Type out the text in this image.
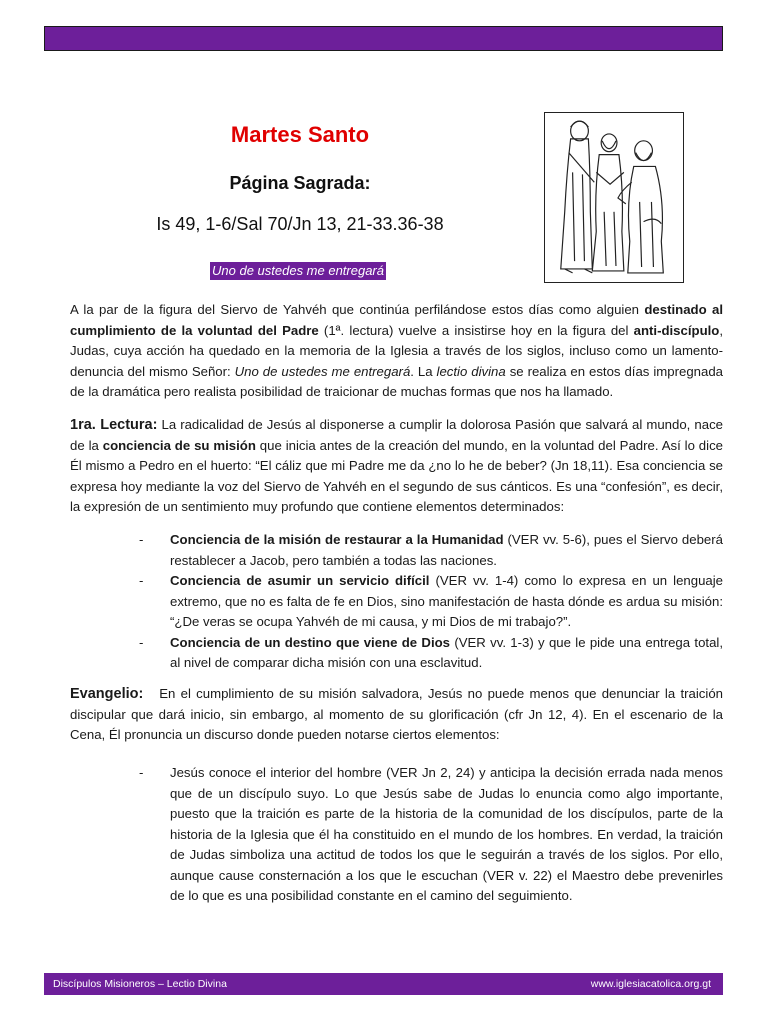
Martes Santo
Página Sagrada:
Is 49, 1-6/Sal 70/Jn 13, 21-33.36-38
Uno de ustedes me entregará
A la par de la figura del Siervo de Yahvéh que continúa perfilándose estos días como alguien destinado al cumplimiento de la voluntad del Padre (1ª. lectura) vuelve a insistirse hoy en la figura del anti-discípulo, Judas, cuya acción ha quedado en la memoria de la Iglesia a través de los siglos, incluso como un lamento-denuncia del mismo Señor: Uno de ustedes me entregará. La lectio divina se realiza en estos días impregnada de la dramática pero realista posibilidad de traicionar de muchas formas que nos ha llamado.
1ra. Lectura: La radicalidad de Jesús al disponerse a cumplir la dolorosa Pasión que salvará al mundo, nace de la conciencia de su misión que inicia antes de la creación del mundo, en la voluntad del Padre. Así lo dice Él mismo a Pedro en el huerto: “El cáliz que mi Padre me da ¿no lo he de beber? (Jn 18,11). Esa conciencia se expresa hoy mediante la voz del Siervo de Yahvéh en el segundo de sus cánticos. Es una “confesión”, es decir, la expresión de un sentimiento muy profundo que contiene elementos determinados:
- Conciencia de la misión de restaurar a la Humanidad (VER vv. 5-6), pues el Siervo deberá restablecer a Jacob, pero también a todas las naciones.
- Conciencia de asumir un servicio difícil (VER vv. 1-4) como lo expresa en un lenguaje extremo, que no es falta de fe en Dios, sino manifestación de hasta dónde es ardua su misión: “¿De veras se ocupa Yahvéh de mi causa, y mi Dios de mi trabajo?”.
- Conciencia de un destino que viene de Dios (VER vv. 1-3) y que le pide una entrega total, al nivel de comparar dicha misión con una esclavitud.
Evangelio:   En el cumplimiento de su misión salvadora, Jesús no puede menos que denunciar la traición discipular que dará inicio, sin embargo, al momento de su glorificación (cfr Jn 12, 4). En el escenario de la Cena, Él pronuncia un discurso donde pueden notarse ciertos elementos:
- Jesús conoce el interior del hombre (VER Jn 2, 24) y anticipa la decisión errada nada menos que de un discípulo suyo. Lo que Jesús sabe de Judas lo enuncia como algo importante, puesto que la traición es parte de la historia de la comunidad de los discípulos, parte de la historia de la Iglesia que él ha constituido en el mundo de los hombres. En verdad, la traición de Judas simboliza una actitud de todos los que le seguirán a través de los siglos. Por ello, aunque cause consternación a los que le escuchan (VER v. 22) el Maestro debe prevenirles de lo que es una posibilidad constante en el camino del seguimiento.
Discípulos Misioneros – Lectio Divina	www.iglesiacatolica.org.gt
